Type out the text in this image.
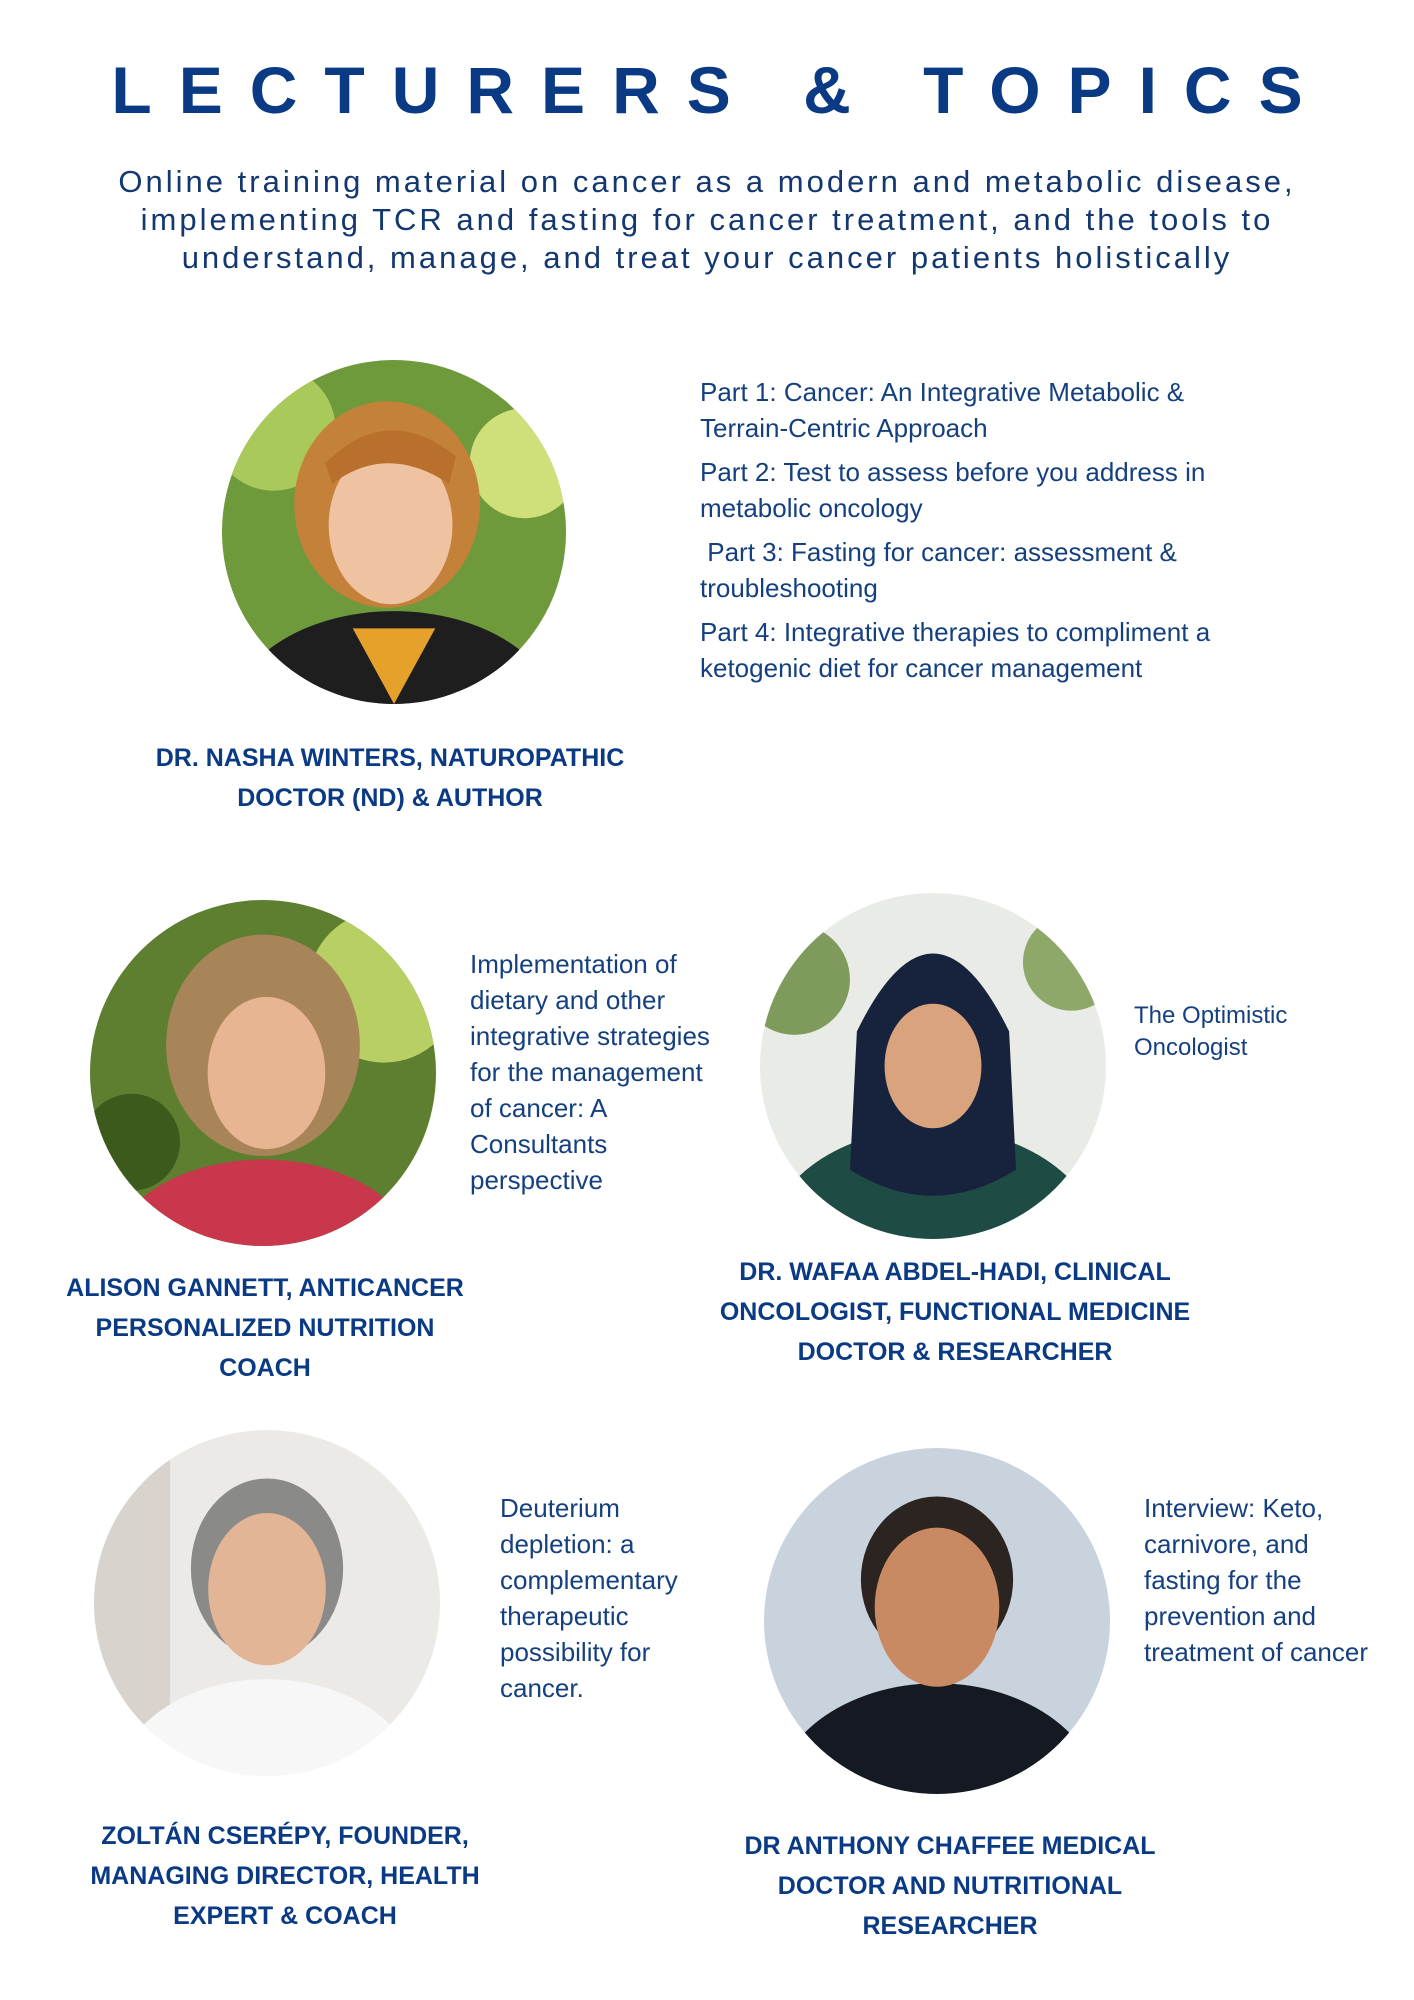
LECTURERS & TOPICS
Online training material on cancer as a modern and metabolic disease, implementing TCR and fasting for cancer treatment, and the tools to understand, manage, and treat your cancer patients holistically
Part 1: Cancer: An Integrative Metabolic & Terrain-Centric Approach
Part 2: Test to assess before you address in metabolic oncology
Part 3: Fasting for cancer: assessment & troubleshooting
Part 4: Integrative therapies to compliment a ketogenic diet for cancer management
DR. NASHA WINTERS, NATUROPATHIC DOCTOR (ND) & AUTHOR
Implementation of dietary and other integrative strategies for the management of cancer: A Consultants perspective
ALISON GANNETT, ANTICANCER PERSONALIZED NUTRITION COACH
The Optimistic Oncologist
DR. WAFAA ABDEL-HADI, CLINICAL ONCOLOGIST, FUNCTIONAL MEDICINE DOCTOR & RESEARCHER
Deuterium depletion: a complementary therapeutic possibility for cancer.
ZOLTÁN CSERÉPY, FOUNDER, MANAGING DIRECTOR, HEALTH EXPERT & COACH
Interview: Keto, carnivore, and fasting for the prevention and treatment of cancer
DR ANTHONY CHAFFEE MEDICAL DOCTOR AND NUTRITIONAL RESEARCHER
